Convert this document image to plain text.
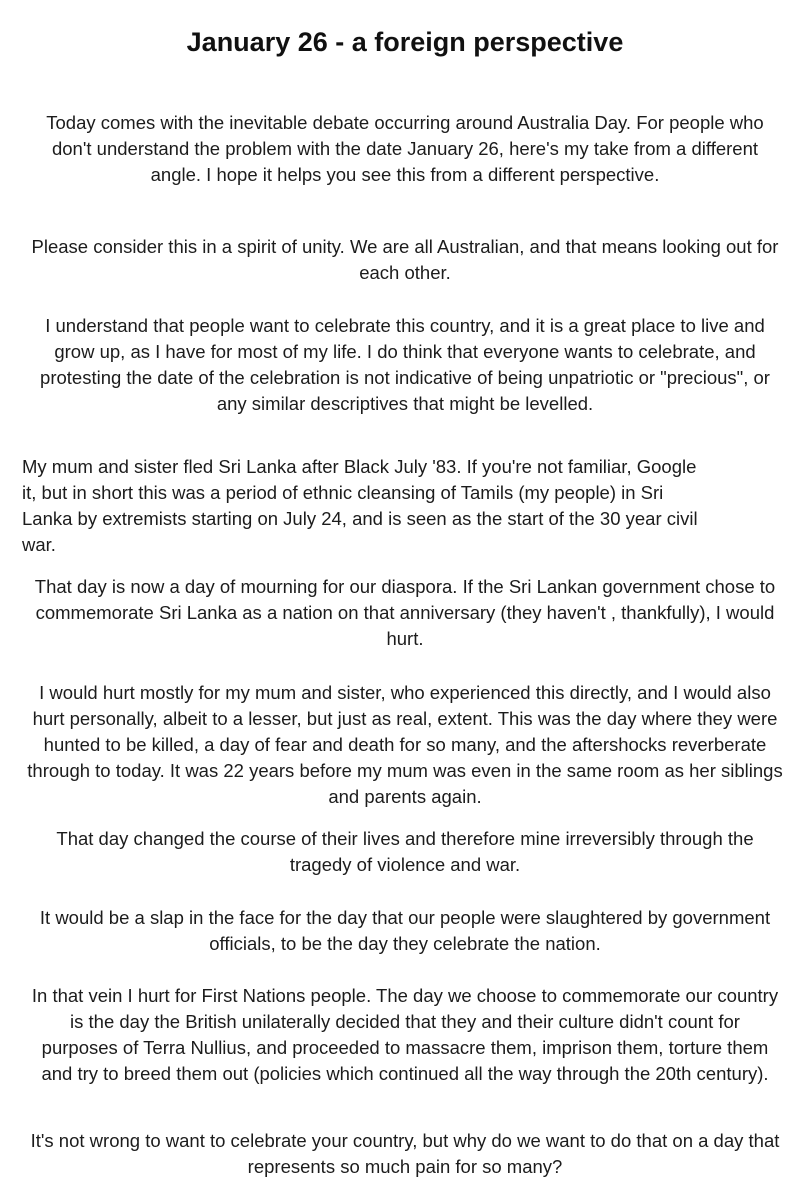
January 26 - a foreign perspective

Today comes with the inevitable debate occurring around Australia Day. For people who don't understand the problem with the date January 26, here's my take from a different angle. I hope it helps you see this from a different perspective.

Please consider this in a spirit of unity. We are all Australian, and that means looking out for each other.

I understand that people want to celebrate this country, and it is a great place to live and grow up, as I have for most of my life. I do think that everyone wants to celebrate, and protesting the date of the celebration is not indicative of being unpatriotic or "precious", or any similar descriptives that might be levelled.

My mum and sister fled Sri Lanka after Black July '83. If you're not familiar, Google it, but in short this was a period of ethnic cleansing of Tamils (my people) in Sri Lanka by extremists starting on July 24, and is seen as the start of the 30 year civil war.

That day is now a day of mourning for our diaspora. If the Sri Lankan government chose to commemorate Sri Lanka as a nation on that anniversary (they haven't , thankfully), I would hurt.

I would hurt mostly for my mum and sister, who experienced this directly, and I would also hurt personally, albeit to a lesser, but just as real, extent. This was the day where they were hunted to be killed, a day of fear and death for so many, and the aftershocks reverberate through to today. It was 22 years before my mum was even in the same room as her siblings and parents again.

That day changed the course of their lives and therefore mine irreversibly through the tragedy of violence and war.

It would be a slap in the face for the day that our people were slaughtered by government officials, to be the day they celebrate the nation.

In that vein I hurt for First Nations people. The day we choose to commemorate our country is the day the British unilaterally decided that they and their culture didn't count for purposes of Terra Nullius, and proceeded to massacre them, imprison them, torture them and try to breed them out (policies which continued all the way through the 20th century).

It's not wrong to want to celebrate your country, but why do we want to do that on a day that represents so much pain for so many?
